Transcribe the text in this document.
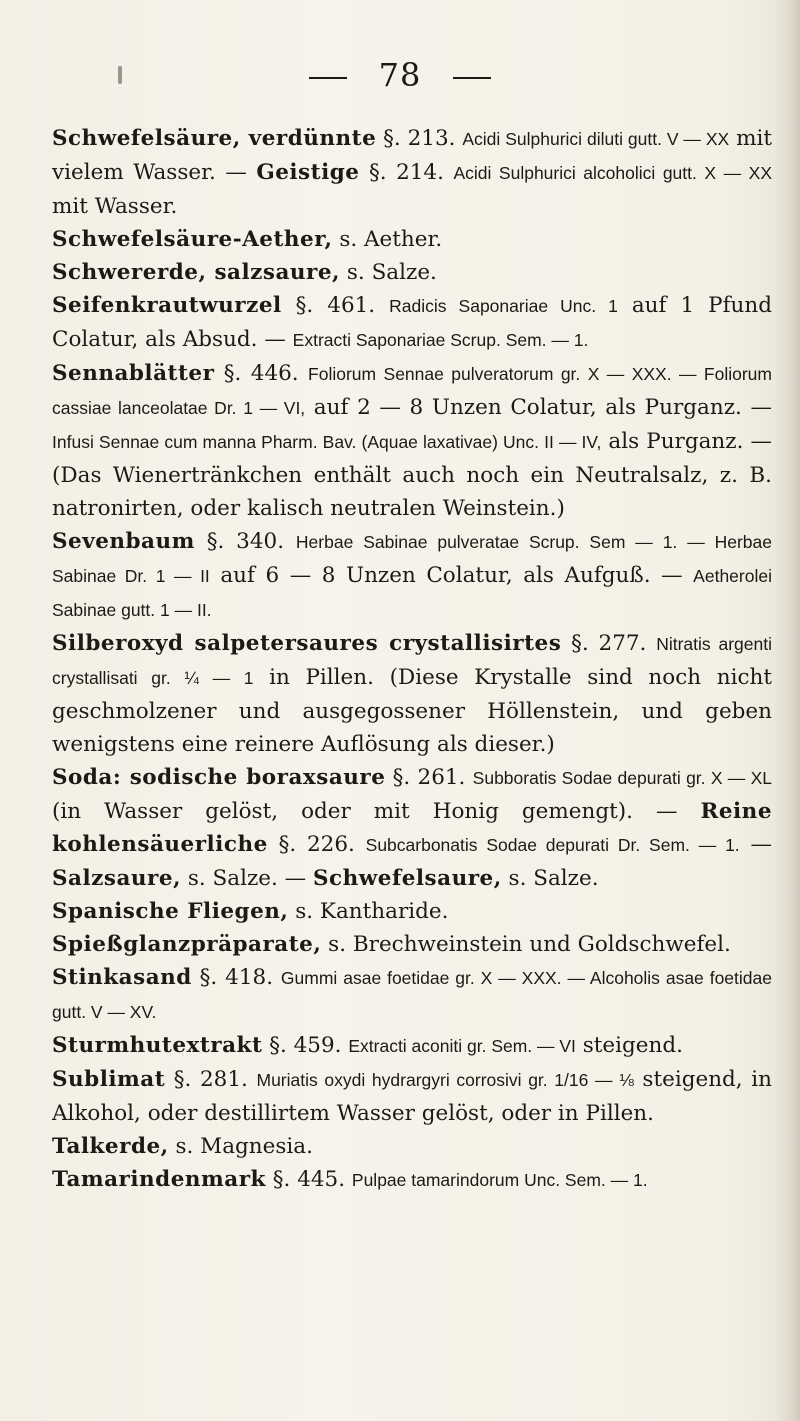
78

Schwefelsäure, verdünnte §. 213. Acidi Sulphurici diluti gutt. V — XX mit vielem Wasser. — Geistige §. 214. Acidi Sulphurici alcoholici gutt. X — XX mit Wasser.

Schwefelsäure-Aether, s. Aether.

Schwererde, salzsaure, s. Salze.

Seifenkrautwurzel §. 461. Radicis Saponariae Unc. 1 auf 1 Pfund Colatur, als Absud. — Extracti Saponariae Scrup. Sem. — 1.

Sennablätter §. 446. Foliorum Sennae pulveratorum gr. X — XXX. — Foliorum cassiae lanceolatae Dr. 1 — VI, auf 2 — 8 Unzen Colatur, als Purganz. — Infusi Sennae cum manna Pharm. Bav. (Aquae laxativae) Unc. II — IV, als Purganz. — (Das Wienertränkchen enthält auch noch ein Neutralsalz, z. B. natronirten, oder kalisch neutralen Weinstein.)

Sevenbaum §. 340. Herbae Sabinae pulveratae Scrup. Sem — 1. — Herbae Sabinae Dr. 1 — II auf 6 — 8 Unzen Colatur, als Aufguß. — Aetherolei Sabinae gutt. 1 — II.

Silberoxyd salpetersaures crystallisirtes §. 277. Nitratis argenti crystallisati gr. ¼ — 1 in Pillen. (Diese Krystalle sind noch nicht geschmolzener und ausgegossener Höllenstein, und geben wenigstens eine reinere Auflösung als dieser.)

Soda: sodische boraxsaure §. 261. Subboratis Sodae depurati gr. X — XL (in Wasser gelöst, oder mit Honig gemengt). — Reine kohlensäuerliche §. 226. Subcarbonatis Sodae depurati Dr. Sem. — 1. — Salzsaure, s. Salze. — Schwefelsaure, s. Salze.

Spanische Fliegen, s. Kantharide.

Spießglanzpräparate, s. Brechweinstein und Goldschwefel.

Stinkasand §. 418. Gummi asae foetidae gr. X — XXX. — Alcoholis asae foetidae gutt. V — XV.

Sturmhutextrakt §. 459. Extracti aconiti gr. Sem. — VI steigend.

Sublimat §. 281. Muriatis oxydi hydrargyri corrosivi gr. 1/16 — ⅛ steigend, in Alkohol, oder destillirtem Wasser gelöst, oder in Pillen.

Talkerde, s. Magnesia.

Tamarindenmark §. 445. Pulpae tamarindorum Unc. Sem. — 1.
